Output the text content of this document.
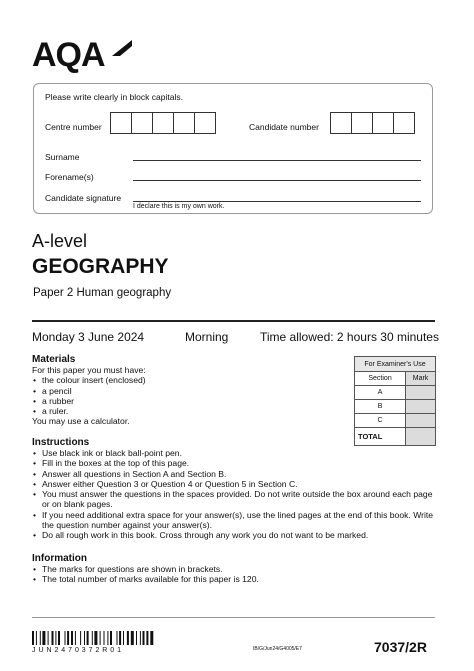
AQA
Please write clearly in block capitals.
Centre number	Candidate number
Surname
Forename(s)
Candidate signature
I declare this is my own work.
A-level
GEOGRAPHY
Paper 2 Human geography
Monday 3 June 2024	Morning	Time allowed: 2 hours 30 minutes
Materials
For this paper you must have:
• the colour insert (enclosed)
• a pencil
• a rubber
• a ruler.
You may use a calculator.
For Examiner's Use	
Section	Mark
A	
B	
C	
TOTAL	
Instructions
• Use black ink or black ball-point pen.
• Fill in the boxes at the top of this page.
• Answer all questions in Section A and Section B.
• Answer either Question 3 or Question 4 or Question 5 in Section C.
• You must answer the questions in the spaces provided. Do not write outside the box around each page or on blank pages.
• If you need additional extra space for your answer(s), use the lined pages at the end of this book. Write the question number against your answer(s).
• Do all rough work in this book. Cross through any work you do not want to be marked.
Information
• The marks for questions are shown in brackets.
• The total number of marks available for this paper is 120.
J U N 2 4 7 0 3 7 2 R 0 1	IB/G/Jun24/G4005/E7	7037/2R
